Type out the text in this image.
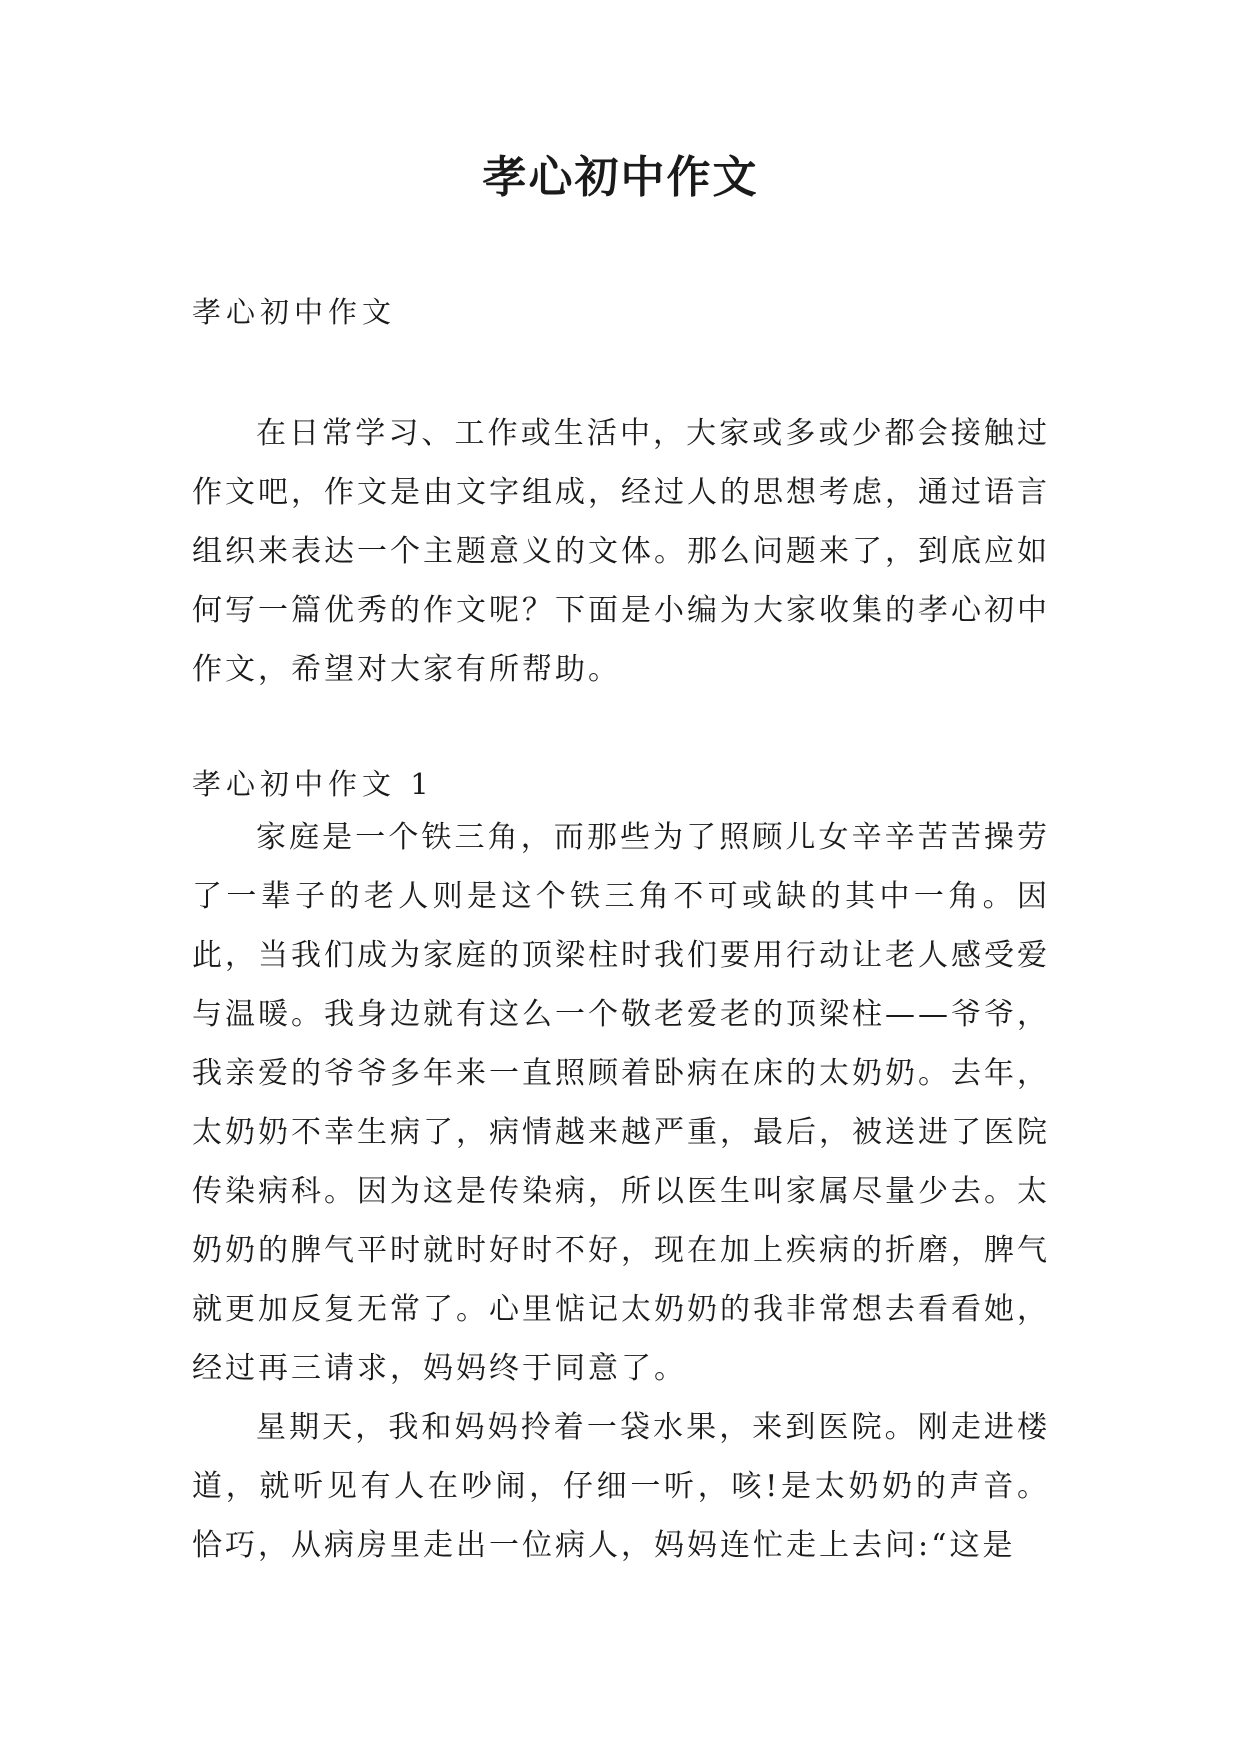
孝心初中作文

孝心初中作文

在日常学习、工作或生活中，大家或多或少都会接触过作文吧，作文是由文字组成，经过人的思想考虑，通过语言组织来表达一个主题意义的文体。那么问题来了，到底应如何写一篇优秀的作文呢？下面是小编为大家收集的孝心初中作文，希望对大家有所帮助。

孝心初中作文 1

家庭是一个铁三角，而那些为了照顾儿女辛辛苦苦操劳了一辈子的老人则是这个铁三角不可或缺的其中一角。因此，当我们成为家庭的顶梁柱时我们要用行动让老人感受爱与温暖。我身边就有这么一个敬老爱老的顶梁柱——爷爷，我亲爱的爷爷多年来一直照顾着卧病在床的太奶奶。去年，太奶奶不幸生病了，病情越来越严重，最后，被送进了医院传染病科。因为这是传染病，所以医生叫家属尽量少去。太奶奶的脾气平时就时好时不好，现在加上疾病的折磨，脾气就更加反复无常了。心里惦记太奶奶的我非常想去看看她，经过再三请求，妈妈终于同意了。

星期天，我和妈妈拎着一袋水果，来到医院。刚走进楼道，就听见有人在吵闹，仔细一听，咳!是太奶奶的声音。恰巧，从病房里走出一位病人，妈妈连忙走上去问:“这是
